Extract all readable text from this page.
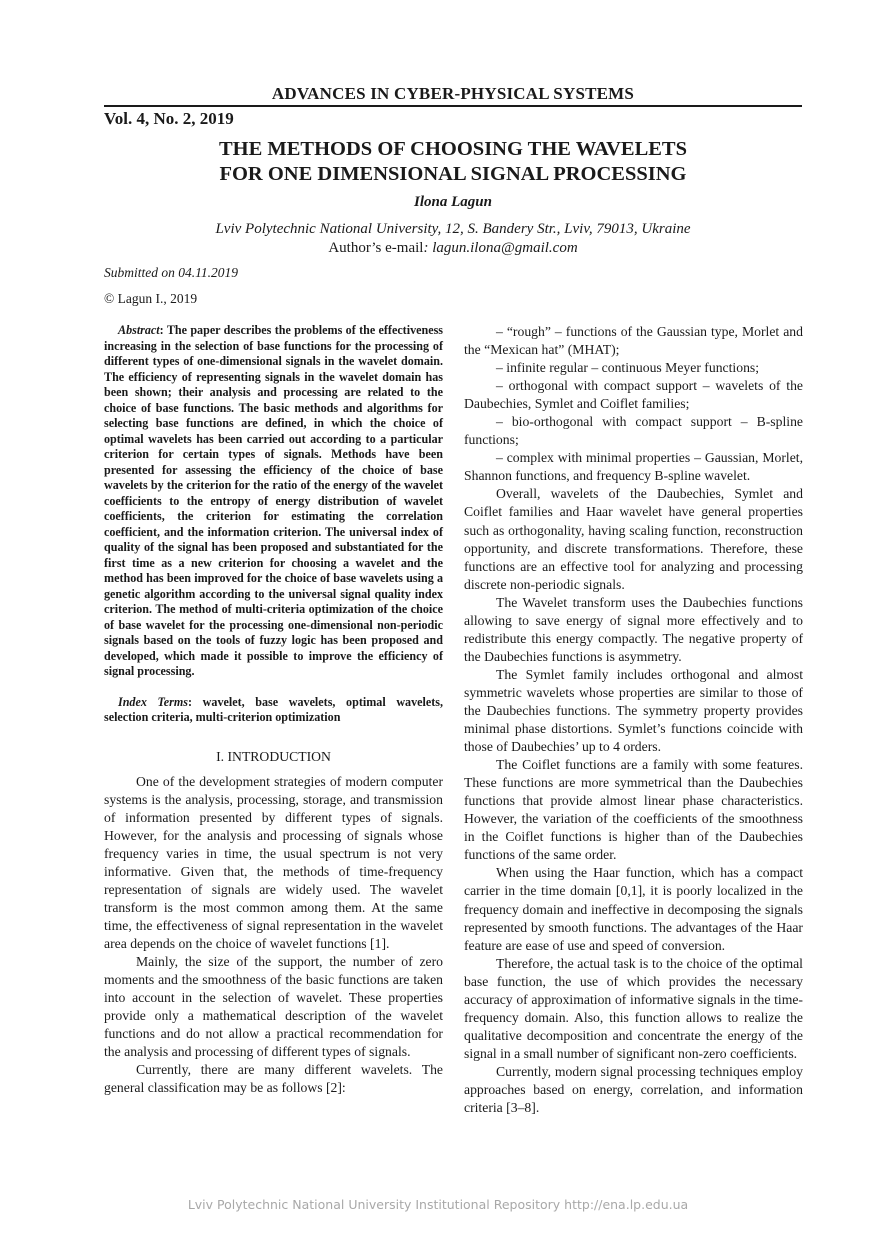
ADVANCES IN CYBER-PHYSICAL SYSTEMS
Vol. 4, No. 2, 2019
THE METHODS OF CHOOSING THE WAVELETS
FOR ONE DIMENSIONAL SIGNAL PROCESSING
Ilona Lagun
Lviv Polytechnic National University, 12, S. Bandery Str., Lviv, 79013, Ukraine
Author’s e-mail: lagun.ilona@gmail.com
Submitted on 04.11.2019
© Lagun I., 2019

Abstract: The paper describes the problems of the effectiveness increasing in the selection of base functions for the processing of different types of one-dimensional signals in the wavelet domain. The efficiency of representing signals in the wavelet domain has been shown; their analysis and processing are related to the choice of base functions. The basic methods and algorithms for selecting base functions are defined, in which the choice of optimal wavelets has been carried out according to a particular criterion for certain types of signals. Methods have been presented for assessing the efficiency of the choice of base wavelets by the criterion for the ratio of the energy of the wavelet coefficients to the entropy of energy distribution of wavelet coefficients, the criterion for estimating the correlation coefficient, and the information criterion. The universal index of quality of the signal has been proposed and substantiated for the first time as a new criterion for choosing a wavelet and the method has been improved for the choice of base wavelets using a genetic algorithm according to the universal signal quality index criterion. The method of multi-criteria optimization of the choice of base wavelet for the processing one-dimensional non-periodic signals based on the tools of fuzzy logic has been proposed and developed, which made it possible to improve the efficiency of signal processing.

Index Terms: wavelet, base wavelets, optimal wavelets, selection criteria, multi-criterion optimization

I. INTRODUCTION

One of the development strategies of modern computer systems is the analysis, processing, storage, and transmission of information presented by different types of signals. However, for the analysis and processing of signals whose frequency varies in time, the usual spectrum is not very informative. Given that, the methods of time-frequency representation of signals are widely used. The wavelet transform is the most common among them. At the same time, the effectiveness of signal representation in the wavelet area depends on the choice of wavelet functions [1].

Mainly, the size of the support, the number of zero moments and the smoothness of the basic functions are taken into account in the selection of wavelet. These properties provide only a mathematical description of the wavelet functions and do not allow a practical recommendation for the analysis and processing of different types of signals.

Currently, there are many different wavelets. The general classification may be as follows [2]:

– “rough” – functions of the Gaussian type, Morlet and the “Mexican hat” (MHAT);

– infinite regular – continuous Meyer functions;

– orthogonal with compact support – wavelets of the Daubechies, Symlet and Coiflet families;

– bio-orthogonal with compact support – B-spline functions;

– complex with minimal properties – Gaussian, Morlet, Shannon functions, and frequency B-spline wavelet.

Overall, wavelets of the Daubechies, Symlet and Coiflet families and Haar wavelet have general properties such as orthogonality, having scaling function, reconstruction opportunity, and discrete transformations. Therefore, these functions are an effective tool for analyzing and processing discrete non-periodic signals.

The Wavelet transform uses the Daubechies functions allowing to save energy of signal more effectively and to redistribute this energy compactly. The negative property of the Daubechies functions is asymmetry.

The Symlet family includes orthogonal and almost symmetric wavelets whose properties are similar to those of the Daubechies functions. The symmetry property provides minimal phase distortions. Symlet’s functions coincide with those of Daubechies’ up to 4 orders.

The Coiflet functions are a family with some features. These functions are more symmetrical than the Daubechies functions that provide almost linear phase characteristics. However, the variation of the coefficients of the smoothness in the Coiflet functions is higher than of the Daubechies functions of the same order.

When using the Haar function, which has a compact carrier in the time domain [0,1], it is poorly localized in the frequency domain and ineffective in decomposing the signals represented by smooth functions. The advantages of the Haar feature are ease of use and speed of conversion.

Therefore, the actual task is to the choice of the optimal base function, the use of which provides the necessary accuracy of approximation of informative signals in the time-frequency domain. Also, this function allows to realize the qualitative decomposition and concentrate the energy of the signal in a small number of significant non-zero coefficients.

Currently, modern signal processing techniques employ approaches based on energy, correlation, and information criteria [3–8].

Lviv Polytechnic National University Institutional Repository http://ena.lp.edu.ua
